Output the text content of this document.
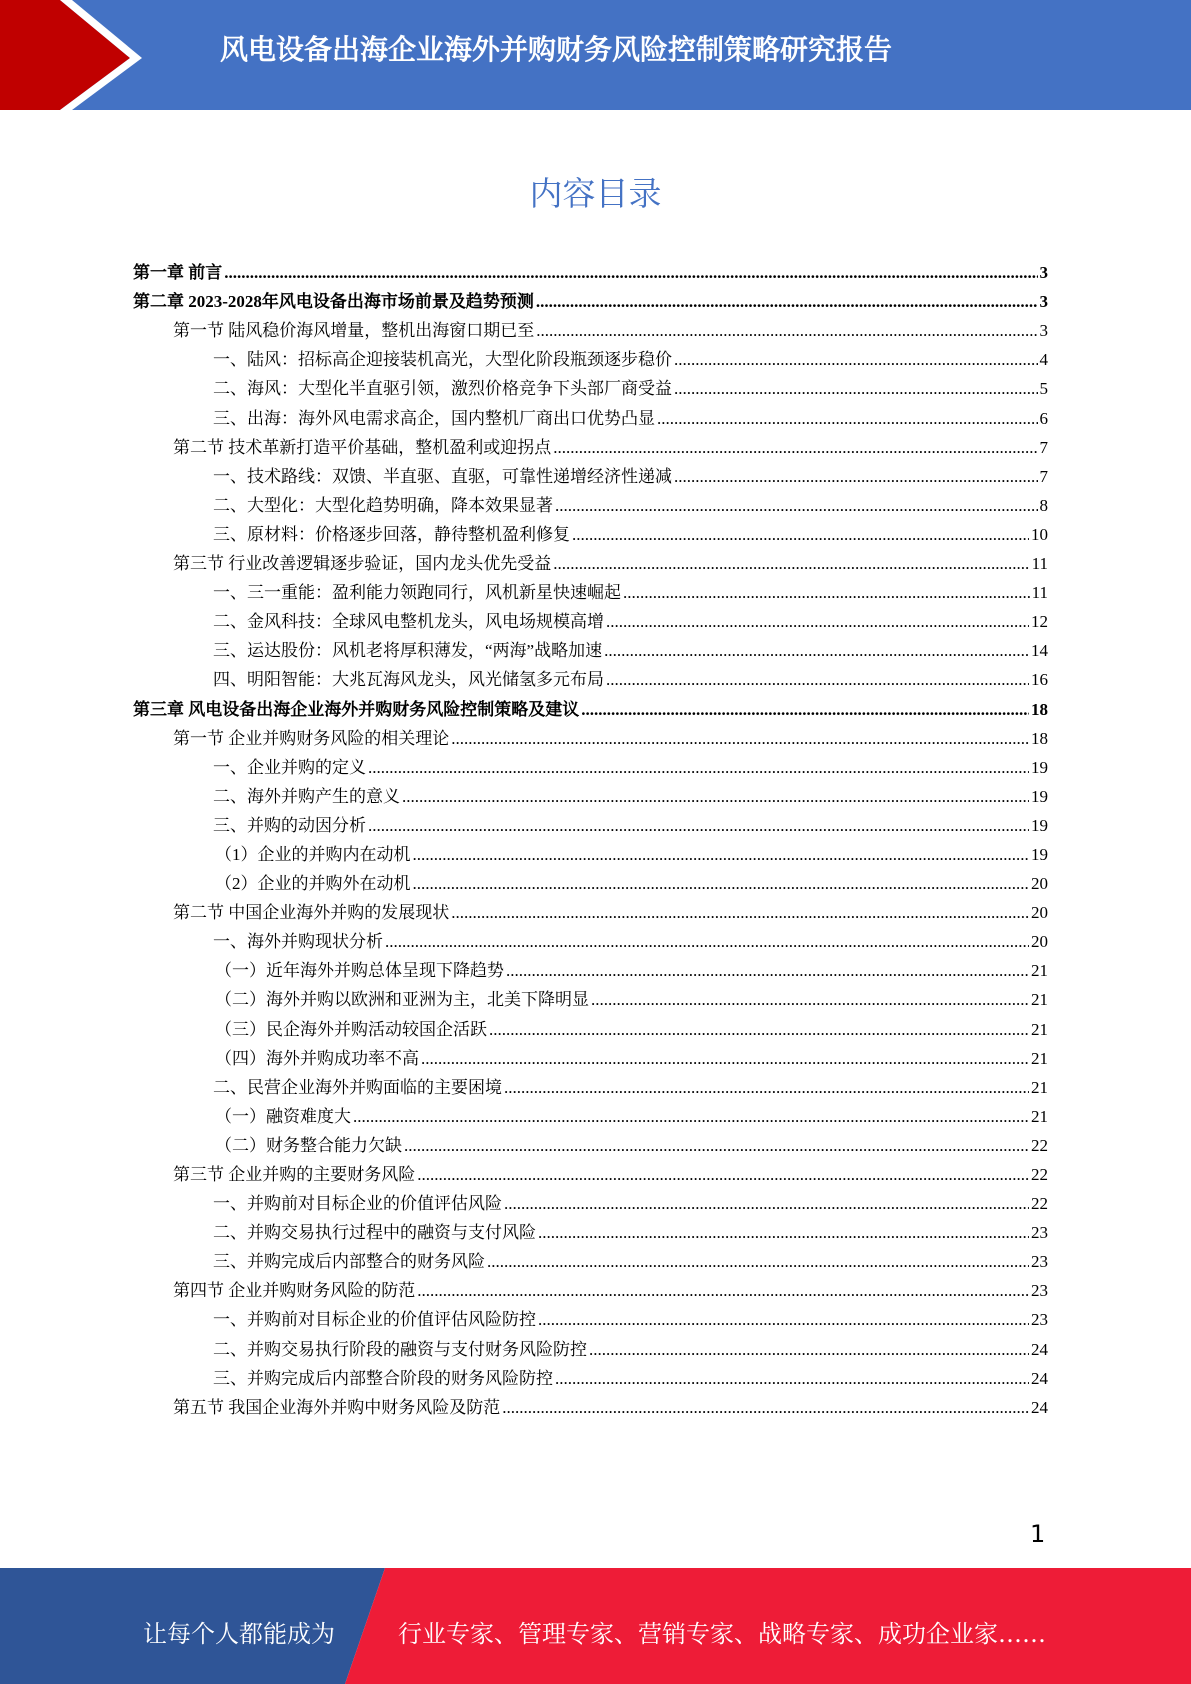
风电设备出海企业海外并购财务风险控制策略研究报告
内容目录
第一章 前言 .....	3
第二章 2023-2028年风电设备出海市场前景及趋势预测 .....	3
第一节 陆风稳价海风增量，整机出海窗口期已至 .....	3
一、陆风：招标高企迎接装机高光，大型化阶段瓶颈逐步稳价 .....	4
二、海风：大型化半直驱引领，激烈价格竞争下头部厂商受益 .....	5
三、出海：海外风电需求高企，国内整机厂商出口优势凸显 .....	6
第二节 技术革新打造平价基础，整机盈利或迎拐点 .....	7
一、技术路线：双馈、半直驱、直驱，可靠性递增经济性递减 .....	7
二、大型化：大型化趋势明确，降本效果显著 .....	8
三、原材料：价格逐步回落，静待整机盈利修复 .....	10
第三节 行业改善逻辑逐步验证，国内龙头优先受益 .....	11
一、三一重能：盈利能力领跑同行，风机新星快速崛起 .....	11
二、金风科技：全球风电整机龙头，风电场规模高增 .....	12
三、运达股份：风机老将厚积薄发，“两海”战略加速 .....	14
四、明阳智能：大兆瓦海风龙头，风光储氢多元布局 .....	16
第三章 风电设备出海企业海外并购财务风险控制策略及建议 .....	18
第一节 企业并购财务风险的相关理论 .....	18
一、企业并购的定义 .....	19
二、海外并购产生的意义 .....	19
三、并购的动因分析 .....	19
（1）企业的并购内在动机 .....	19
（2）企业的并购外在动机 .....	20
第二节 中国企业海外并购的发展现状 .....	20
一、海外并购现状分析 .....	20
（一）近年海外并购总体呈现下降趋势 .....	21
（二）海外并购以欧洲和亚洲为主，北美下降明显 .....	21
（三）民企海外并购活动较国企活跃 .....	21
（四）海外并购成功率不高 .....	21
二、民营企业海外并购面临的主要困境 .....	21
（一）融资难度大 .....	21
（二）财务整合能力欠缺 .....	22
第三节 企业并购的主要财务风险 .....	22
一、并购前对目标企业的价值评估风险 .....	22
二、并购交易执行过程中的融资与支付风险 .....	23
三、并购完成后内部整合的财务风险 .....	23
第四节 企业并购财务风险的防范 .....	23
一、并购前对目标企业的价值评估风险防控 .....	23
二、并购交易执行阶段的融资与支付财务风险防控 .....	24
三、并购完成后内部整合阶段的财务风险防控 .....	24
第五节 我国企业海外并购中财务风险及防范 .....	24
1
让每个人都能成为	行业专家、管理专家、营销专家、战略专家、成功企业家……
